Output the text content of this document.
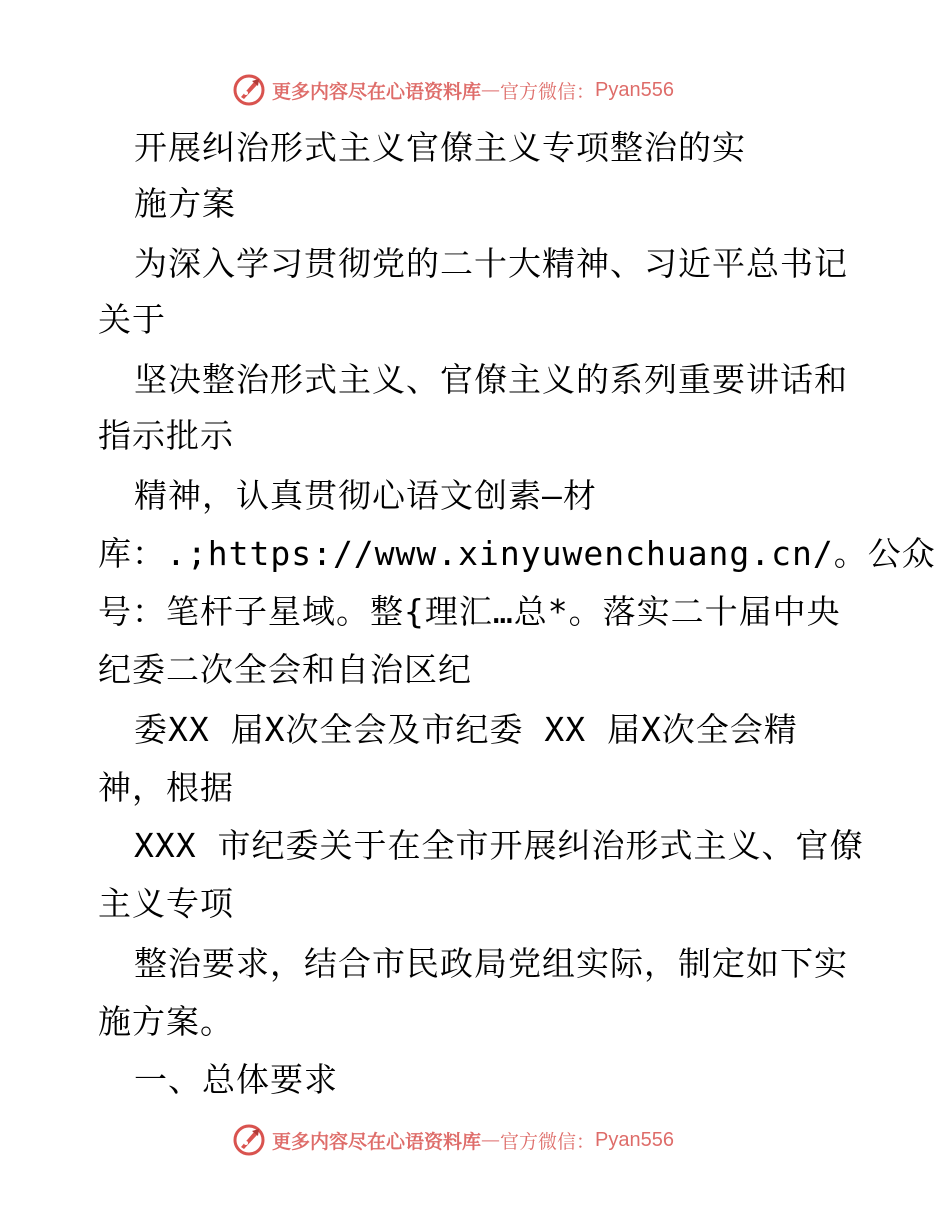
更多内容尽在心语资料库 — 官方微信： Pyan556
开展纠治形式主义官僚主义专项整治的实
施方案
为深入学习贯彻党的二十大精神、习近平总书记
关于
坚决整治形式主义、官僚主义的系列重要讲话和
指示批示
精神，认真贯彻心语文创素—材
库：.;https://www.xinyuwenchuang.cn/。公众
号：笔杆子星域。整{理汇…总*。落实二十届中央
纪委二次全会和自治区纪
委XX 届X次全会及市纪委 XX 届X次全会精
神，根据
XXX 市纪委关于在全市开展纠治形式主义、官僚
主义专项
整治要求，结合市民政局党组实际，制定如下实
施方案。
一、总体要求
更多内容尽在心语资料库 — 官方微信： Pyan556
